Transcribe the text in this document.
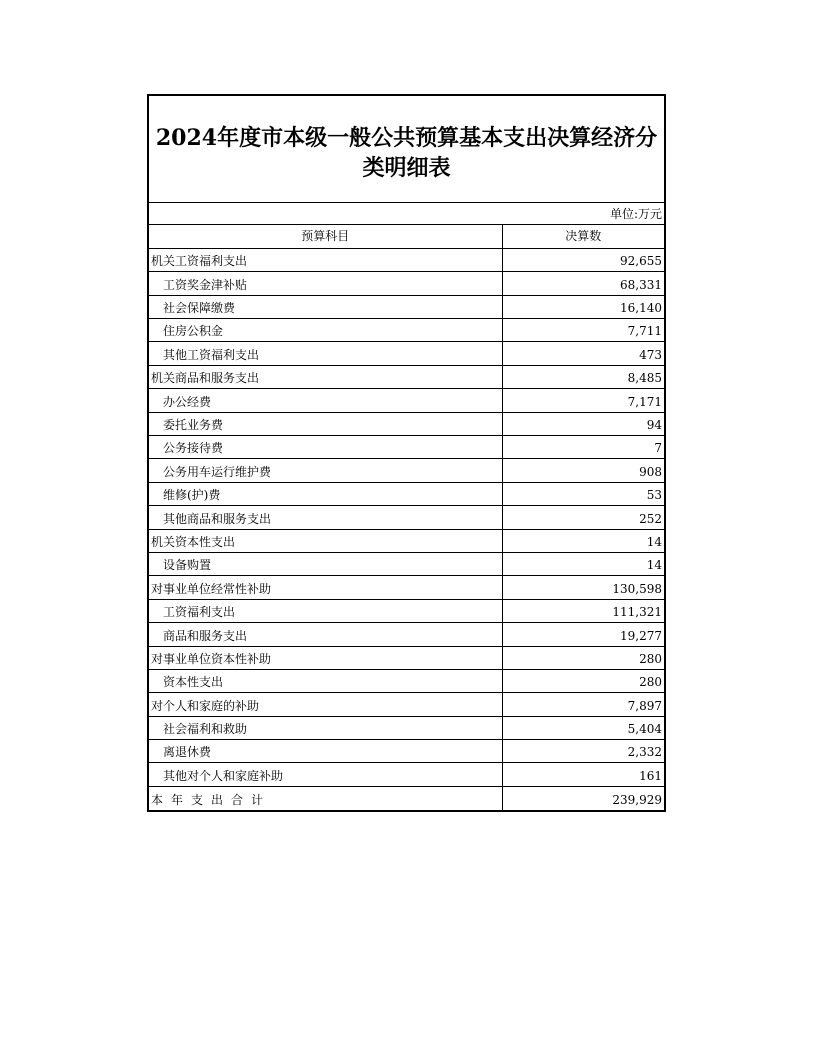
2024年度市本级一般公共预算基本支出决算经济分类明细表
单位:万元
预算科目	决算数
机关工资福利支出	92,655
工资奖金津补贴	68,331
社会保障缴费	16,140
住房公积金	7,711
其他工资福利支出	473
机关商品和服务支出	8,485
办公经费	7,171
委托业务费	94
公务接待费	7
公务用车运行维护费	908
维修(护)费	53
其他商品和服务支出	252
机关资本性支出	14
设备购置	14
对事业单位经常性补助	130,598
工资福利支出	111,321
商品和服务支出	19,277
对事业单位资本性补助	280
资本性支出	280
对个人和家庭的补助	7,897
社会福利和救助	5,404
离退休费	2,332
其他对个人和家庭补助	161
本年支出合计	239,929
